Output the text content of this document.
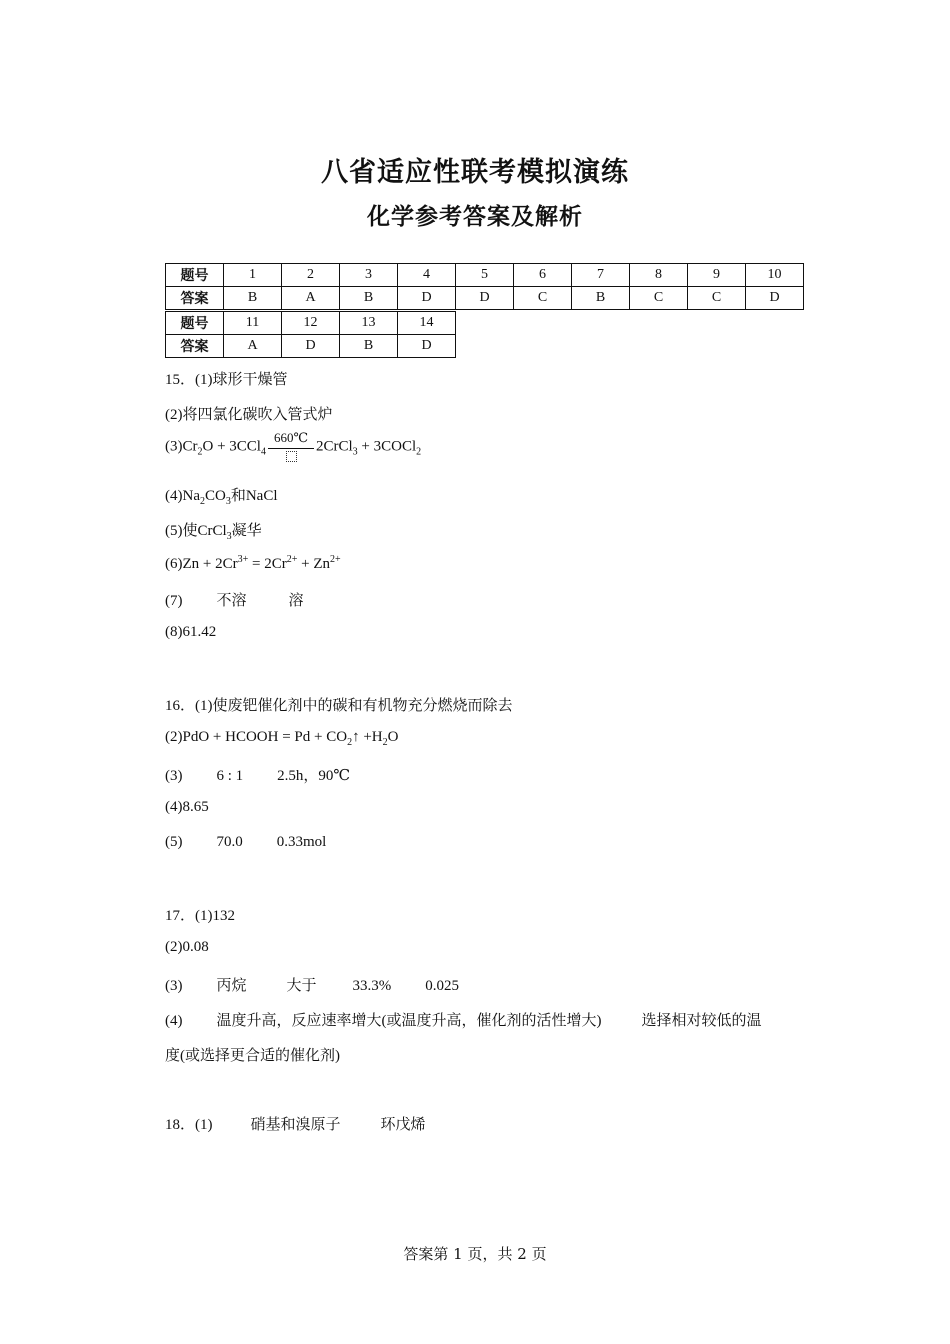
八省适应性联考模拟演练
化学参考答案及解析
题号	1	2	3	4	5	6	7	8	9	10
答案	B	A	B	D	D	C	B	C	C	D
题号	11	12	13	14
答案	A	D	B	D
15．(1)球形干燥管
(2)将四氯化碳吹入管式炉
$(3)Cr_2O + 3CCl_4$
660℃
2CrCl$_3$ + 3COCl$_2$
$(4)Na_2CO_3$和NaCl
(5)使CrCl$_3$凝华
$(6)Zn + 2Cr^{3+} = 2Cr^{2+} + Zn^{2+}$
(7) 不溶	溶
(8)61.42
16．(1)使废钯催化剂中的碳和有机物充分燃烧而除去
(2)PdO + HCOOH = $Pd + CO_2↑ +H_2O$
(3) 6 : 1 2.5h，90℃
(4)8.65
(5) 70.0 0.33mol
17．(1)132
(2)0.08
(3) 丙烷	大于 33.3% 0.025
(4) 温度升高，反应速率增大(或温度升高，催化剂的活性增大)	选择相对较低的温
度(或选择更合适的催化剂)
18．(1)	硝基和溴原子	环戊烯
答案第 1 页，共 2 页
